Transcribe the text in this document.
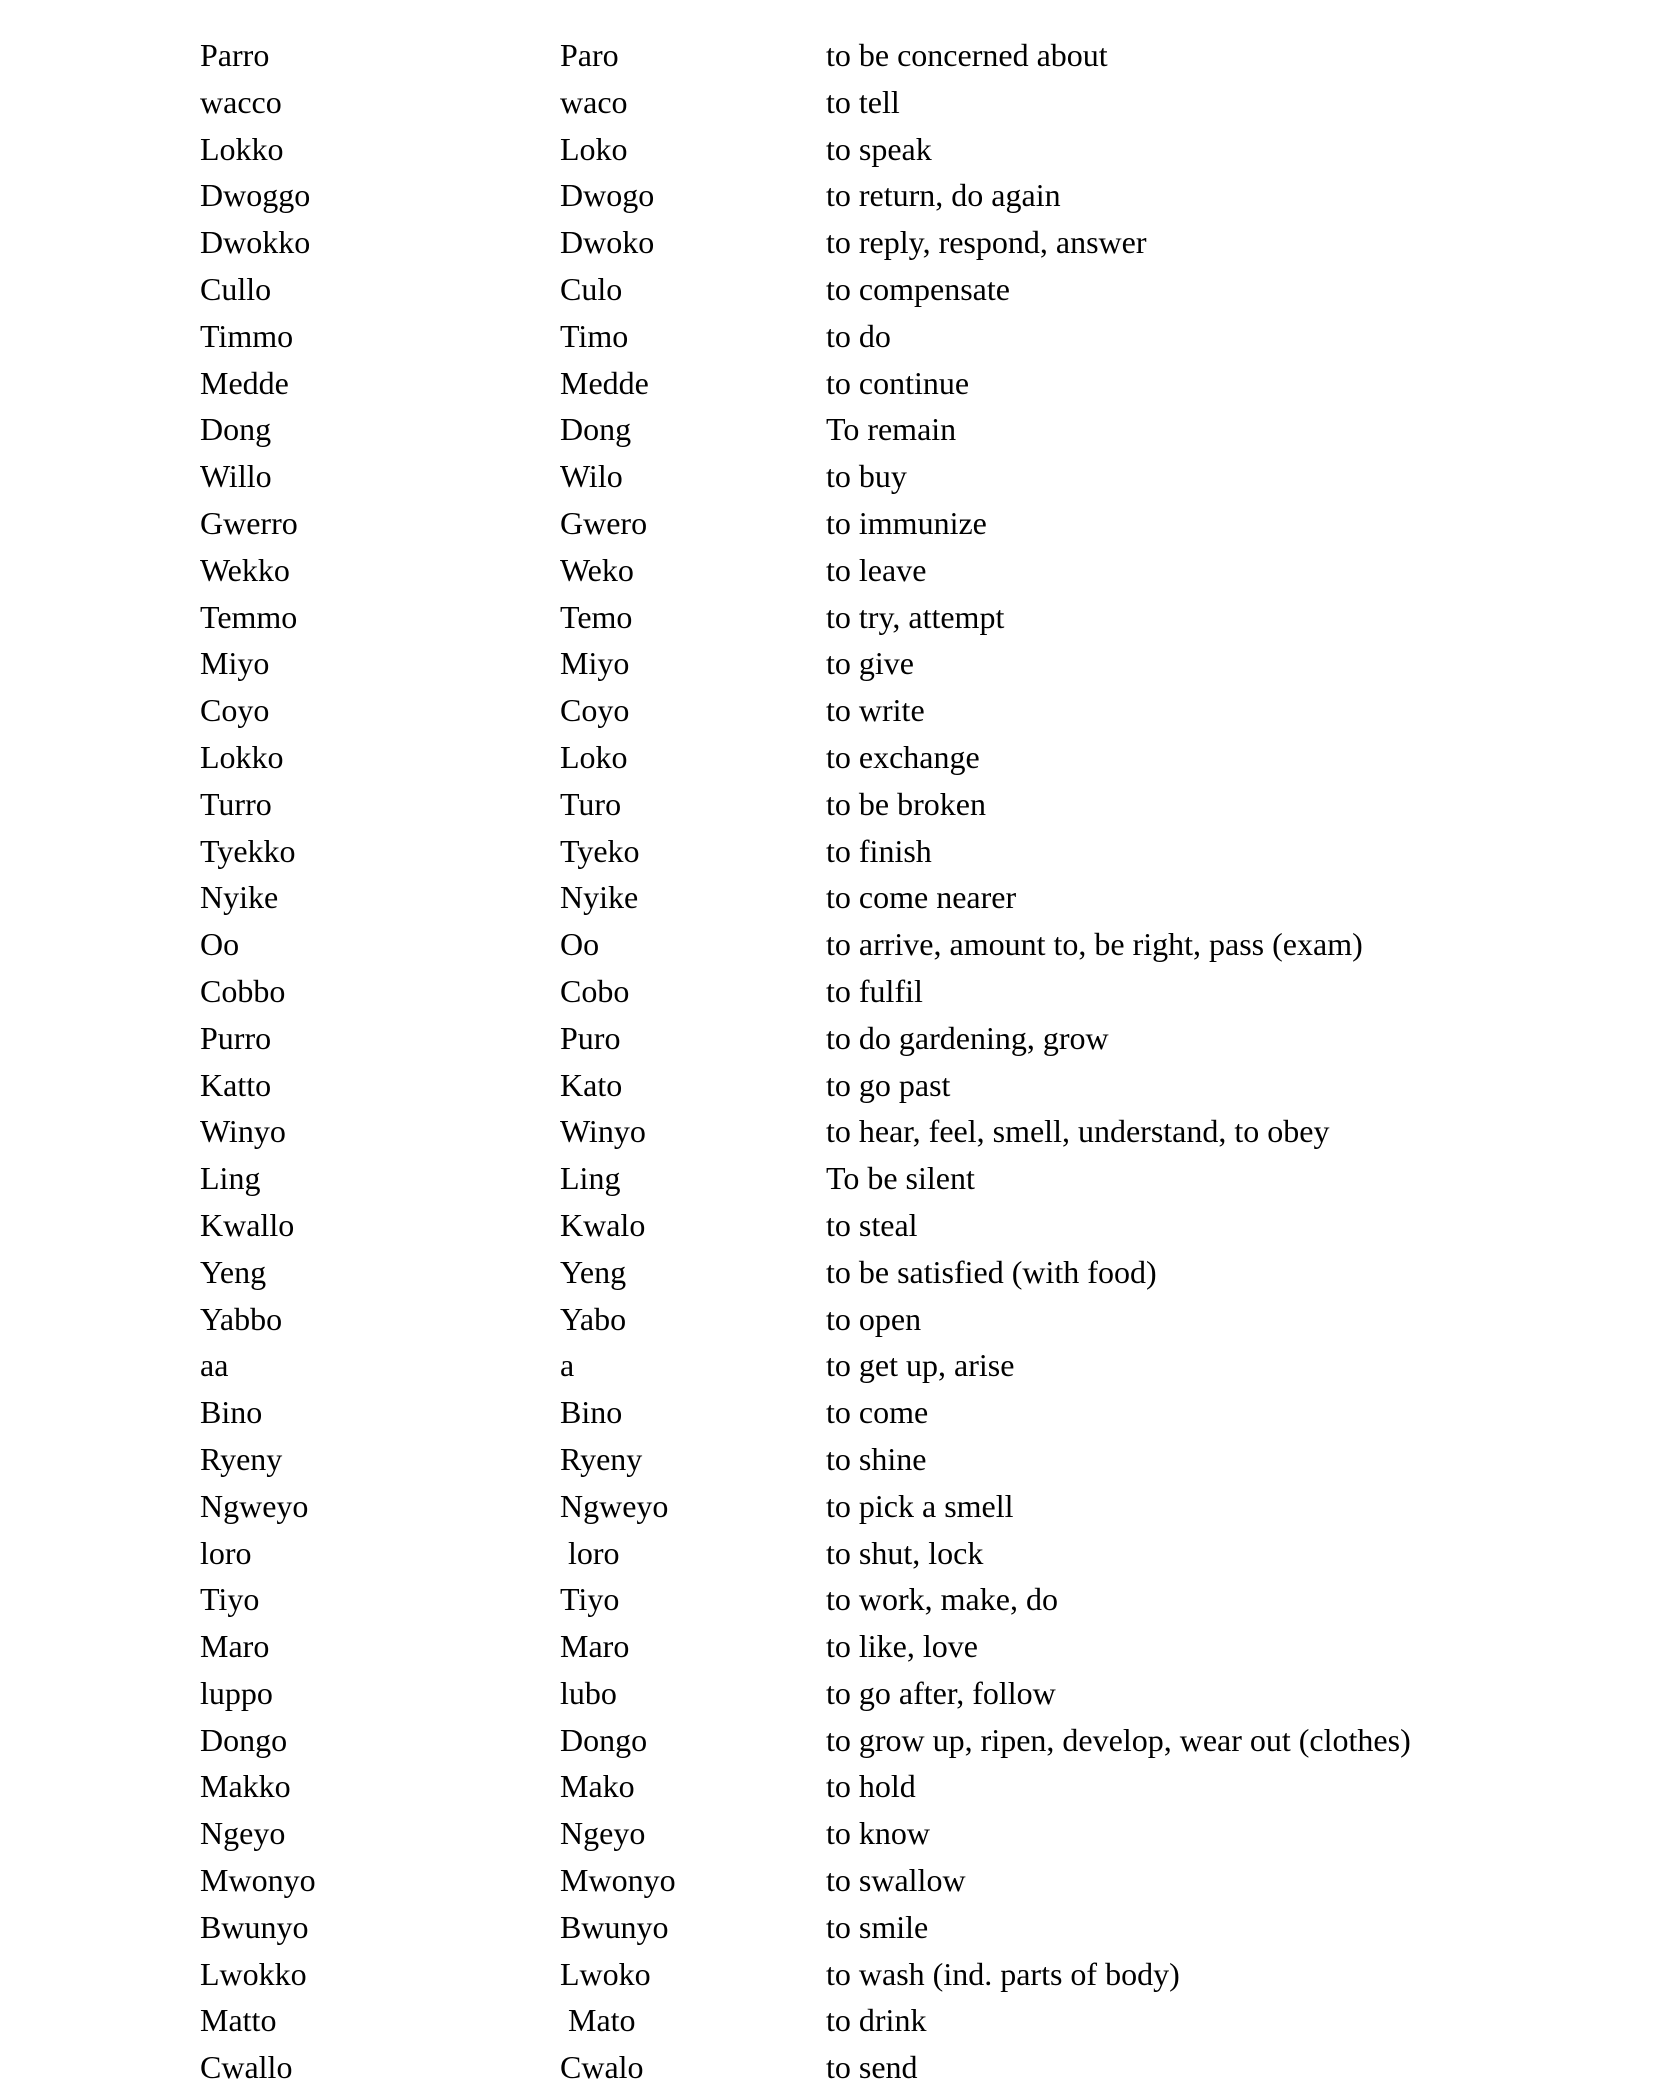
Parro	Paro	to be concerned about
wacco	waco	to tell
Lokko	Loko	to speak
Dwoggo	Dwogo	to return, do again
Dwokko	Dwoko	to reply, respond, answer
Cullo	Culo	to compensate
Timmo	Timo	to do
Medde	Medde	to continue
Dong	Dong	To remain
Willo	Wilo	to buy
Gwerro	Gwero	to immunize
Wekko	Weko	to leave
Temmo	Temo	to try, attempt
Miyo	Miyo	to give
Coyo	Coyo	to write
Lokko	Loko	to exchange
Turro	Turo	to be broken
Tyekko	Tyeko	to finish
Nyike	Nyike	to come nearer
Oo	Oo	to arrive, amount to, be right, pass (exam)
Cobbo	Cobo	to fulfil
Purro	Puro	to do gardening, grow
Katto	Kato	to go past
Winyo	Winyo	to hear, feel, smell, understand, to obey
Ling	Ling	To be silent
Kwallo	Kwalo	to steal
Yeng	Yeng	to be satisfied (with food)
Yabbo	Yabo	to open
aa	a	to get up, arise
Bino	Bino	to come
Ryeny	Ryeny	to shine
Ngweyo	Ngweyo	to pick a smell
loro	loro	to shut, lock
Tiyo	Tiyo	to work, make, do
Maro	Maro	to like, love
luppo	lubo	to go after, follow
Dongo	Dongo	to grow up, ripen, develop, wear out (clothes)
Makko	Mako	to hold
Ngeyo	Ngeyo	to know
Mwonyo	Mwonyo	to swallow
Bwunyo	Bwunyo	to smile
Lwokko	Lwoko	to wash (ind. parts of body)
Matto	Mato	to drink
Cwallo	Cwalo	to send
